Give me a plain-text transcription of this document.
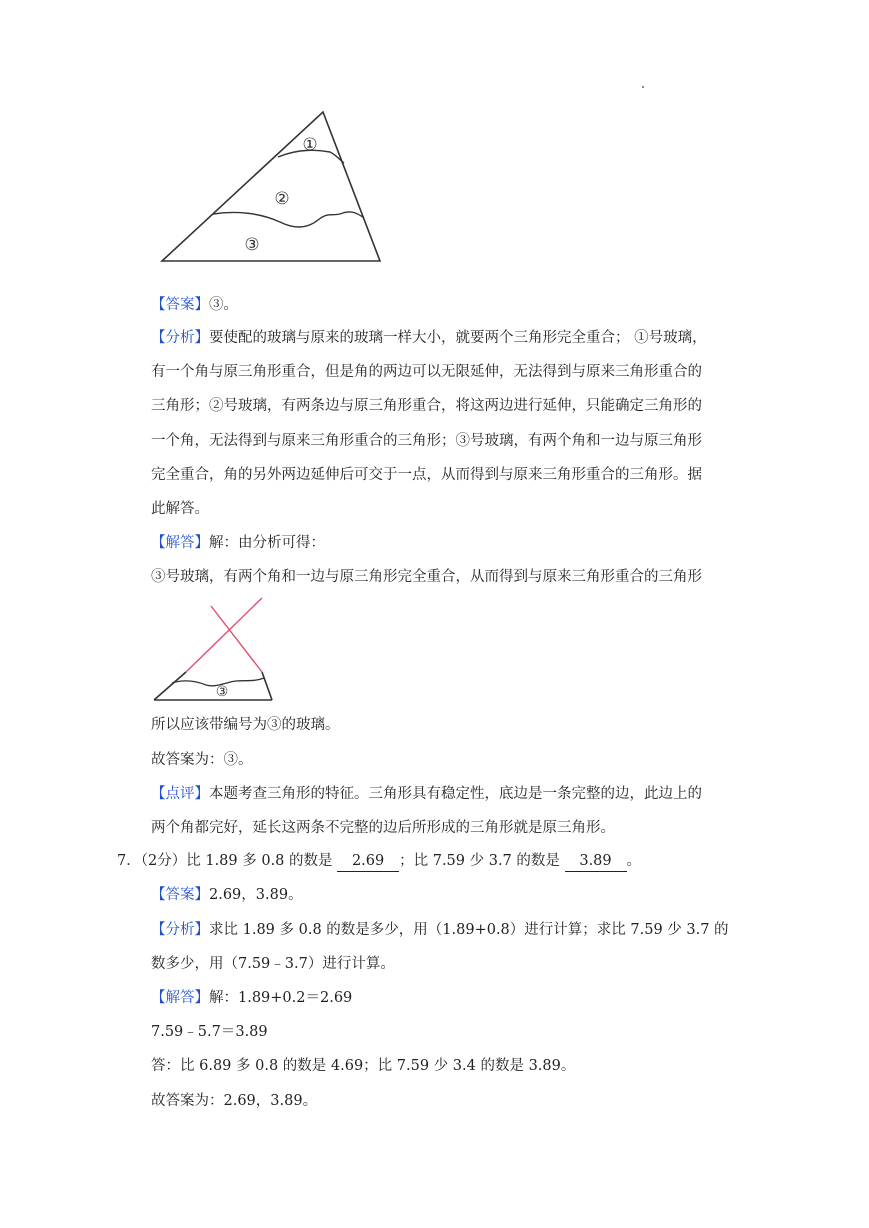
①
②
③
【答案】③。
【分析】要使配的玻璃与原来的玻璃一样大小，就要两个三角形完全重合； ①号玻璃，
有一个角与原三角形重合，但是角的两边可以无限延伸，无法得到与原来三角形重合的
三角形；②号玻璃，有两条边与原三角形重合，将这两边进行延伸，只能确定三角形的
一个角，无法得到与原来三角形重合的三角形；③号玻璃，有两个角和一边与原三角形
完全重合，角的另外两边延伸后可交于一点，从而得到与原来三角形重合的三角形。据
此解答。
【解答】解：由分析可得：
③号玻璃，有两个角和一边与原三角形完全重合，从而得到与原来三角形重合的三角形
③
所以应该带编号为③的玻璃。
故答案为：③。
【点评】本题考查三角形的特征。三角形具有稳定性，底边是一条完整的边，此边上的
两个角都完好，延长这两条不完整的边后所形成的三角形就是原三角形。
7．（2分）比 1.89 多 0.8 的数是 2.69 ；比 7.59 少 3.7 的数是 3.89 。
【答案】2.69，3.89。
【分析】求比 1.89 多 0.8 的数是多少，用（1.89+0.8）进行计算；求比 7.59 少 3.7 的
数多少，用（7.59﹣3.7）进行计算。
【解答】解：1.89+0.2＝2.69
7.59﹣5.7＝3.89
答：比 6.89 多 0.8 的数是 4.69；比 7.59 少 3.4 的数是 3.89。
故答案为：2.69，3.89。
